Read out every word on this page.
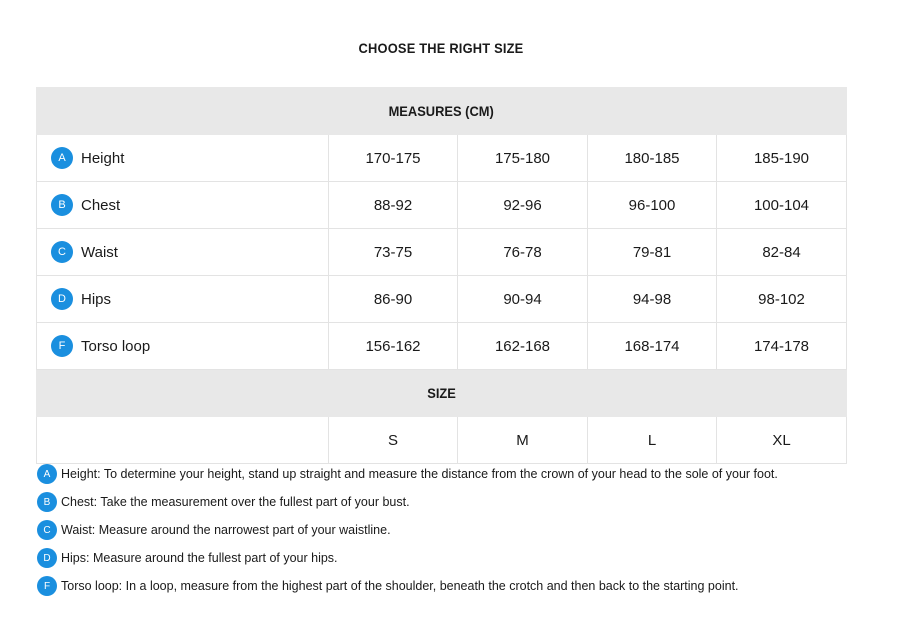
CHOOSE THE RIGHT SIZE
MEASURES (CM)				

A Height	170-175	175-180	180-185	185-190

B Chest	88-92	92-96	96-100	100-104

C Waist	73-75	76-78	79-81	82-84

D Hips	86-90	90-94	94-98	98-102

F Torso loop	156-162	162-168	168-174	174-178
SIZE				
	S	M	L	XL
A Height: To determine your height, stand up straight and measure the distance from the crown of your head to the sole of your foot.
B Chest: Take the measurement over the fullest part of your bust.
C Waist: Measure around the narrowest part of your waistline.
D Hips: Measure around the fullest part of your hips.
F Torso loop: In a loop, measure from the highest part of the shoulder, beneath the crotch and then back to the starting point.
